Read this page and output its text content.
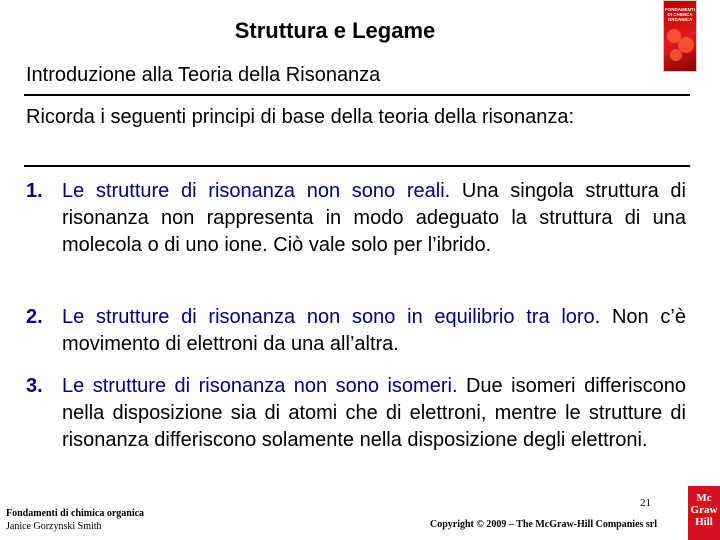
Struttura e Legame
FONDAMENTI DI CHIMICA ORGANICA
Introduzione alla Teoria della Risonanza
Ricorda i seguenti principi di base della teoria della risonanza:
1. Le strutture di risonanza non sono reali. Una singola struttura di risonanza non rappresenta in modo adeguato la struttura di una molecola o di uno ione. Ciò vale solo per l’ibrido.
2. Le strutture di risonanza non sono in equilibrio tra loro. Non c’è movimento di elettroni da una all’altra.
3. Le strutture di risonanza non sono isomeri. Due isomeri differiscono nella disposizione sia di atomi che di elettroni, mentre le strutture di risonanza differiscono solamente nella disposizione degli elettroni.
Fondamenti di chimica organica
Janice Gorzynski Smith
21
Copyright © 2009 – The McGraw-Hill Companies srl
Mc
Graw
Hill
